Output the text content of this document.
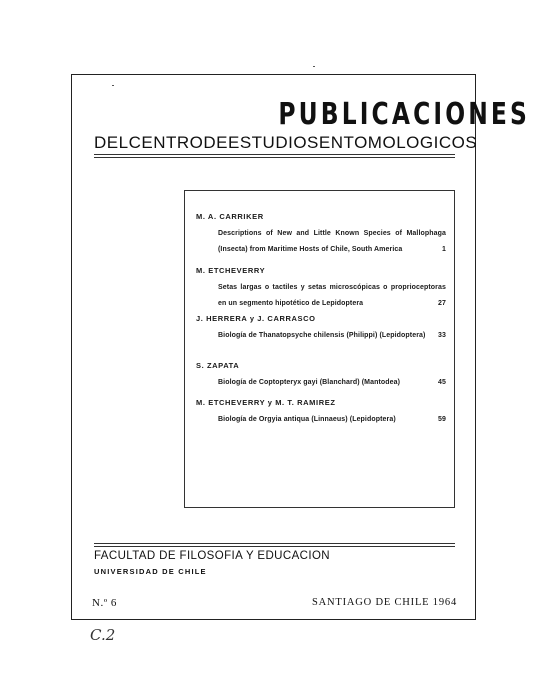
PUBLICACIONES
DEL CENTRO DE ESTUDIOS ENTOMOLOGICOS
M. A. CARRIKER
Descriptions of New and Little Known Species of Mallophaga (Insecta) from Maritime Hosts of Chile, South America	1
M. ETCHEVERRY
Setas largas o tactiles y setas microscópicas o proprioceptoras en un segmento hipotético de Lepidoptera	27
J. HERRERA y J. CARRASCO
Biología de Thanatopsyche chilensis (Philippi) (Lepidoptera) 33
S. ZAPATA
Biología de Coptopteryx gayi (Blanchard) (Mantodea)	45
M. ETCHEVERRY y M. T. RAMIREZ
Biología de Orgyia antiqua (Linnaeus) (Lepidoptera)	59
FACULTAD DE FILOSOFIA Y EDUCACION
UNIVERSIDAD DE CHILE
N.º 6	SANTIAGO DE CHILE 1964
C.2
